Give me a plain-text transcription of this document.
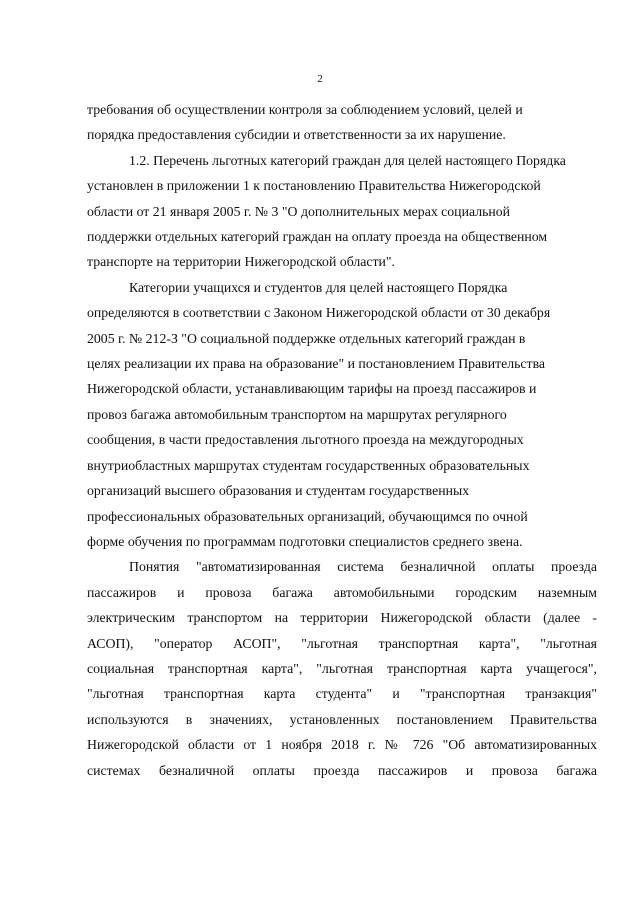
2

требования об осуществлении контроля за соблюдением условий, целей и
порядка предоставления субсидии и ответственности за их нарушение.

1.2. Перечень льготных категорий граждан для целей настоящего Порядка
установлен в приложении 1 к постановлению Правительства Нижегородской
области от 21 января 2005 г. № 3 "О дополнительных мерах социальной
поддержки отдельных категорий граждан на оплату проезда на общественном
транспорте на территории Нижегородской области".

Категории учащихся и студентов для целей настоящего Порядка
определяются в соответствии с Законом Нижегородской области от 30 декабря
2005 г. № 212-З "О социальной поддержке отдельных категорий граждан в
целях реализации их права на образование" и постановлением Правительства
Нижегородской области, устанавливающим тарифы на проезд пассажиров и
провоз багажа автомобильным транспортом на маршрутах регулярного
сообщения, в части предоставления льготного проезда на междугородных
внутриобластных маршрутах студентам государственных образовательных
организаций высшего образования и студентам государственных
профессиональных образовательных организаций, обучающимся по очной
форме обучения по программам подготовки специалистов среднего звена.

Понятия "автоматизированная система безналичной оплаты проезда
пассажиров и провоза багажа автомобильными городским наземным
электрическим транспортом на территории Нижегородской области (далее -
АСОП), "оператор АСОП", "льготная транспортная карта", "льготная
социальная транспортная карта", "льготная транспортная карта учащегося",
"льготная транспортная карта студента" и "транспортная транзакция"
используются в значениях, установленных постановлением Правительства
Нижегородской области от 1 ноября 2018 г. № 726 "Об автоматизированных
системах безналичной оплаты проезда пассажиров и провоза багажа
